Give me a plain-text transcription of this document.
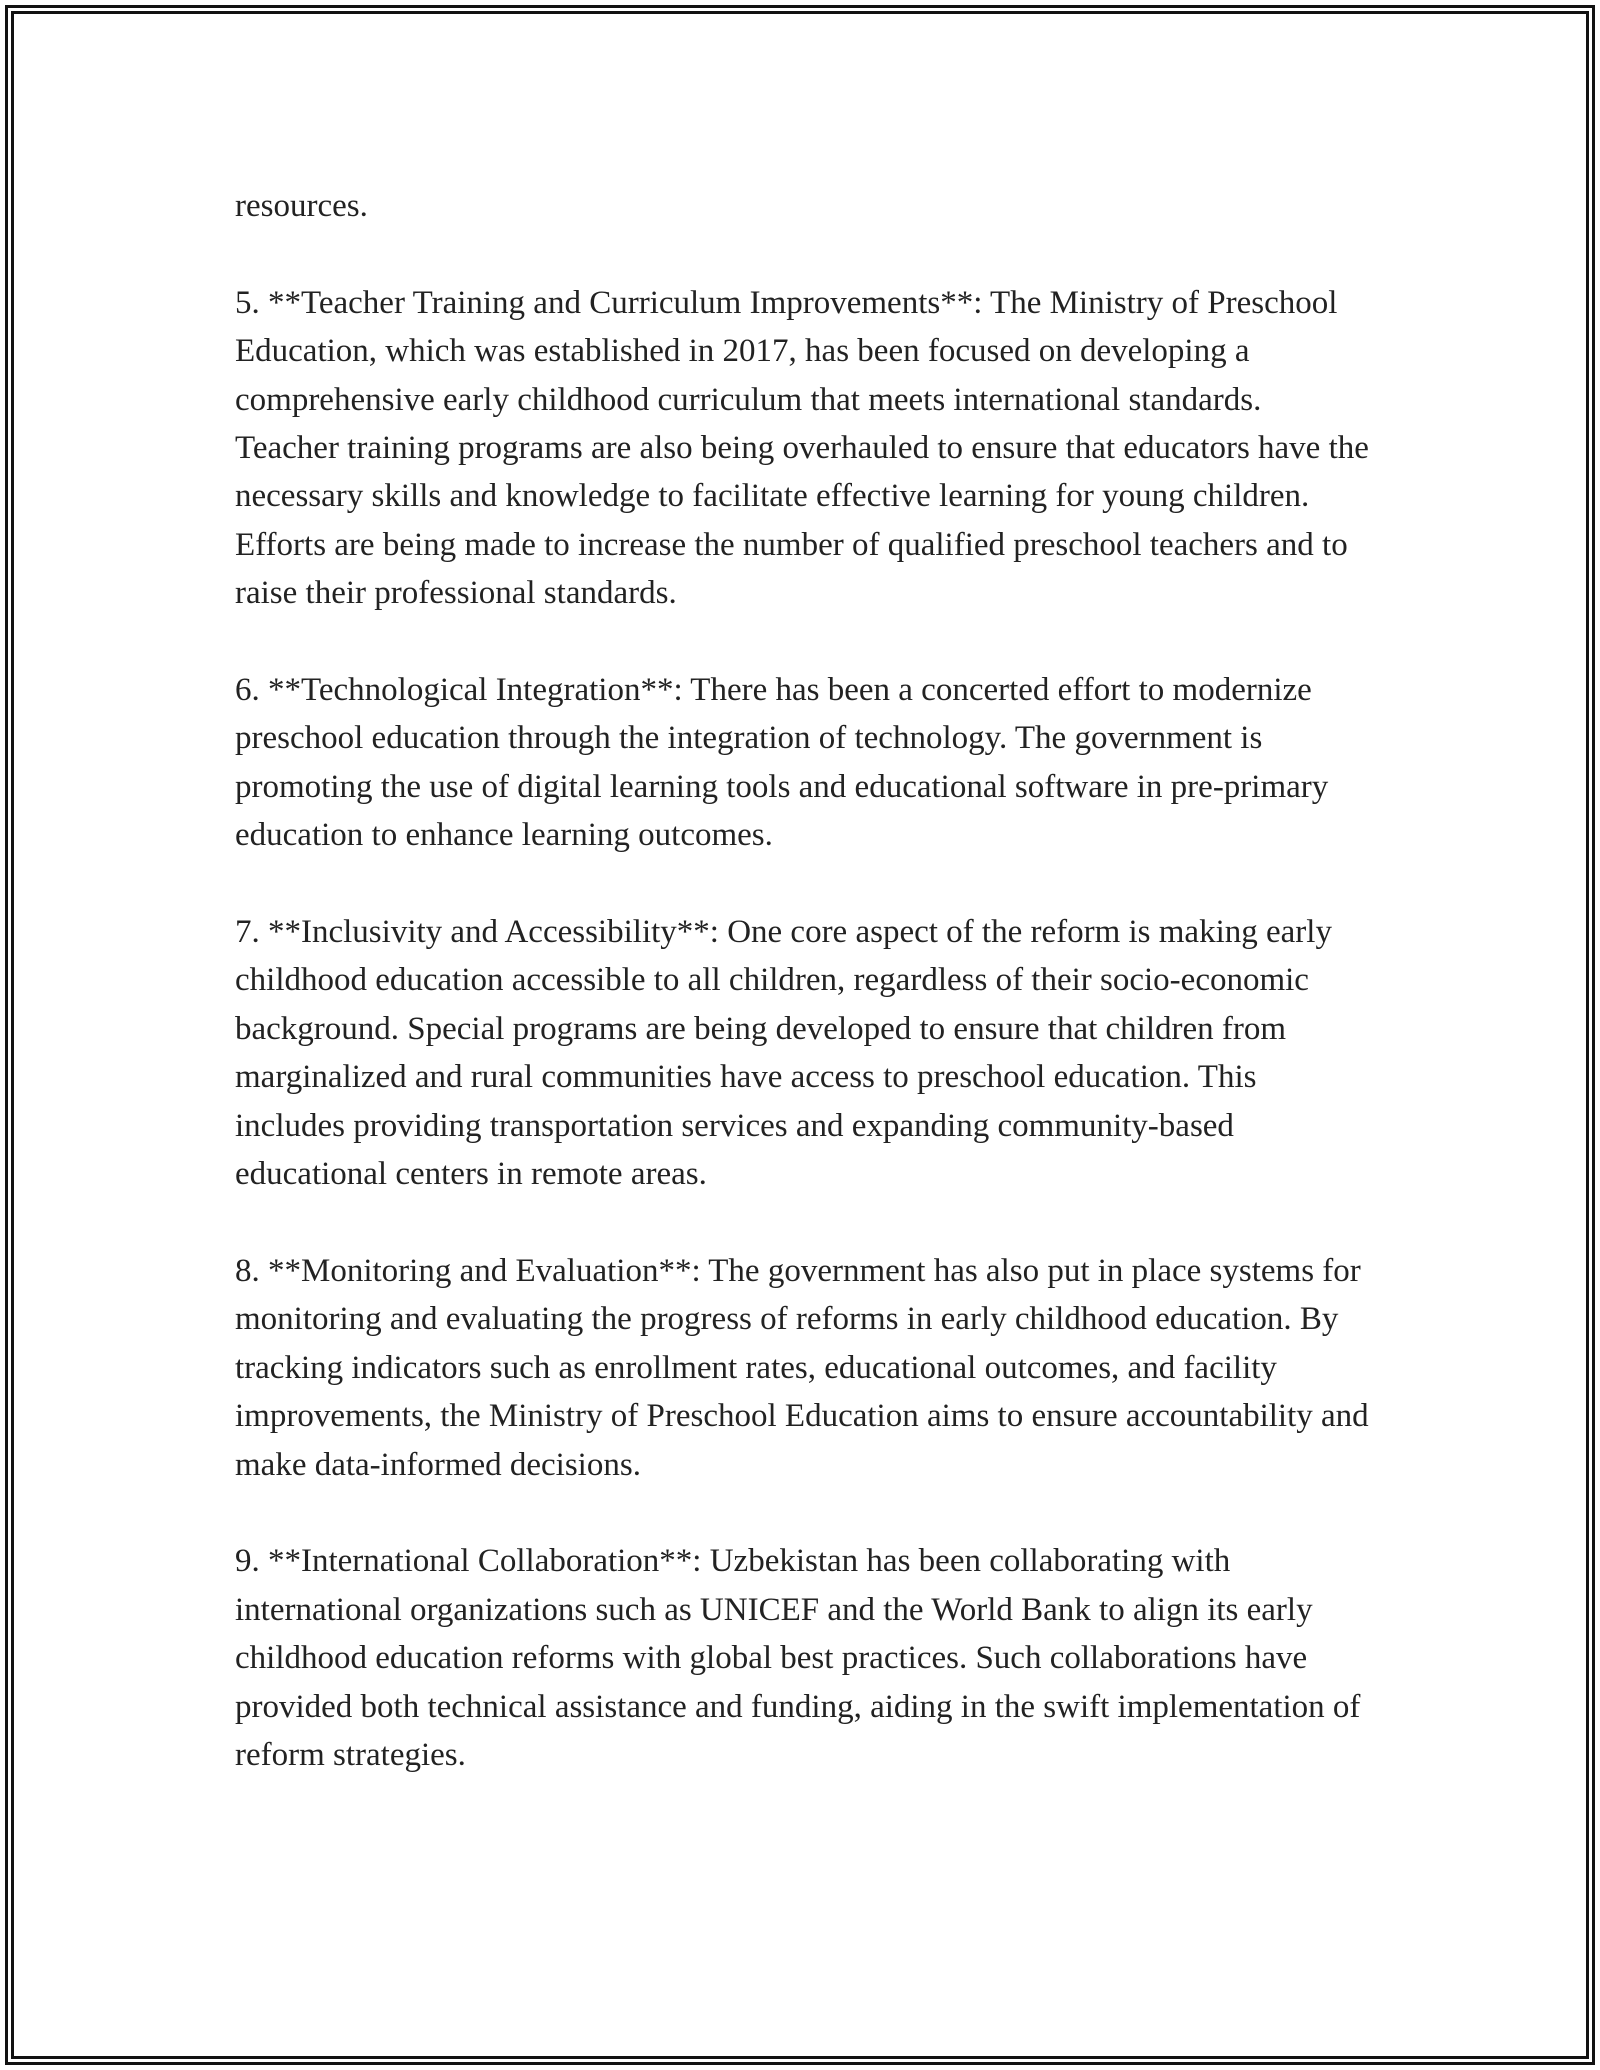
resources.

5. **Teacher Training and Curriculum Improvements**: The Ministry of Preschool Education, which was established in 2017, has been focused on developing a comprehensive early childhood curriculum that meets international standards. Teacher training programs are also being overhauled to ensure that educators have the necessary skills and knowledge to facilitate effective learning for young children. Efforts are being made to increase the number of qualified preschool teachers and to raise their professional standards.

6. **Technological Integration**: There has been a concerted effort to modernize preschool education through the integration of technology. The government is promoting the use of digital learning tools and educational software in pre-primary education to enhance learning outcomes.

7. **Inclusivity and Accessibility**: One core aspect of the reform is making early childhood education accessible to all children, regardless of their socio-economic background. Special programs are being developed to ensure that children from marginalized and rural communities have access to preschool education. This includes providing transportation services and expanding community-based educational centers in remote areas.

8. **Monitoring and Evaluation**: The government has also put in place systems for monitoring and evaluating the progress of reforms in early childhood education. By tracking indicators such as enrollment rates, educational outcomes, and facility improvements, the Ministry of Preschool Education aims to ensure accountability and make data-informed decisions.

9. **International Collaboration**: Uzbekistan has been collaborating with international organizations such as UNICEF and the World Bank to align its early childhood education reforms with global best practices. Such collaborations have provided both technical assistance and funding, aiding in the swift implementation of reform strategies.
